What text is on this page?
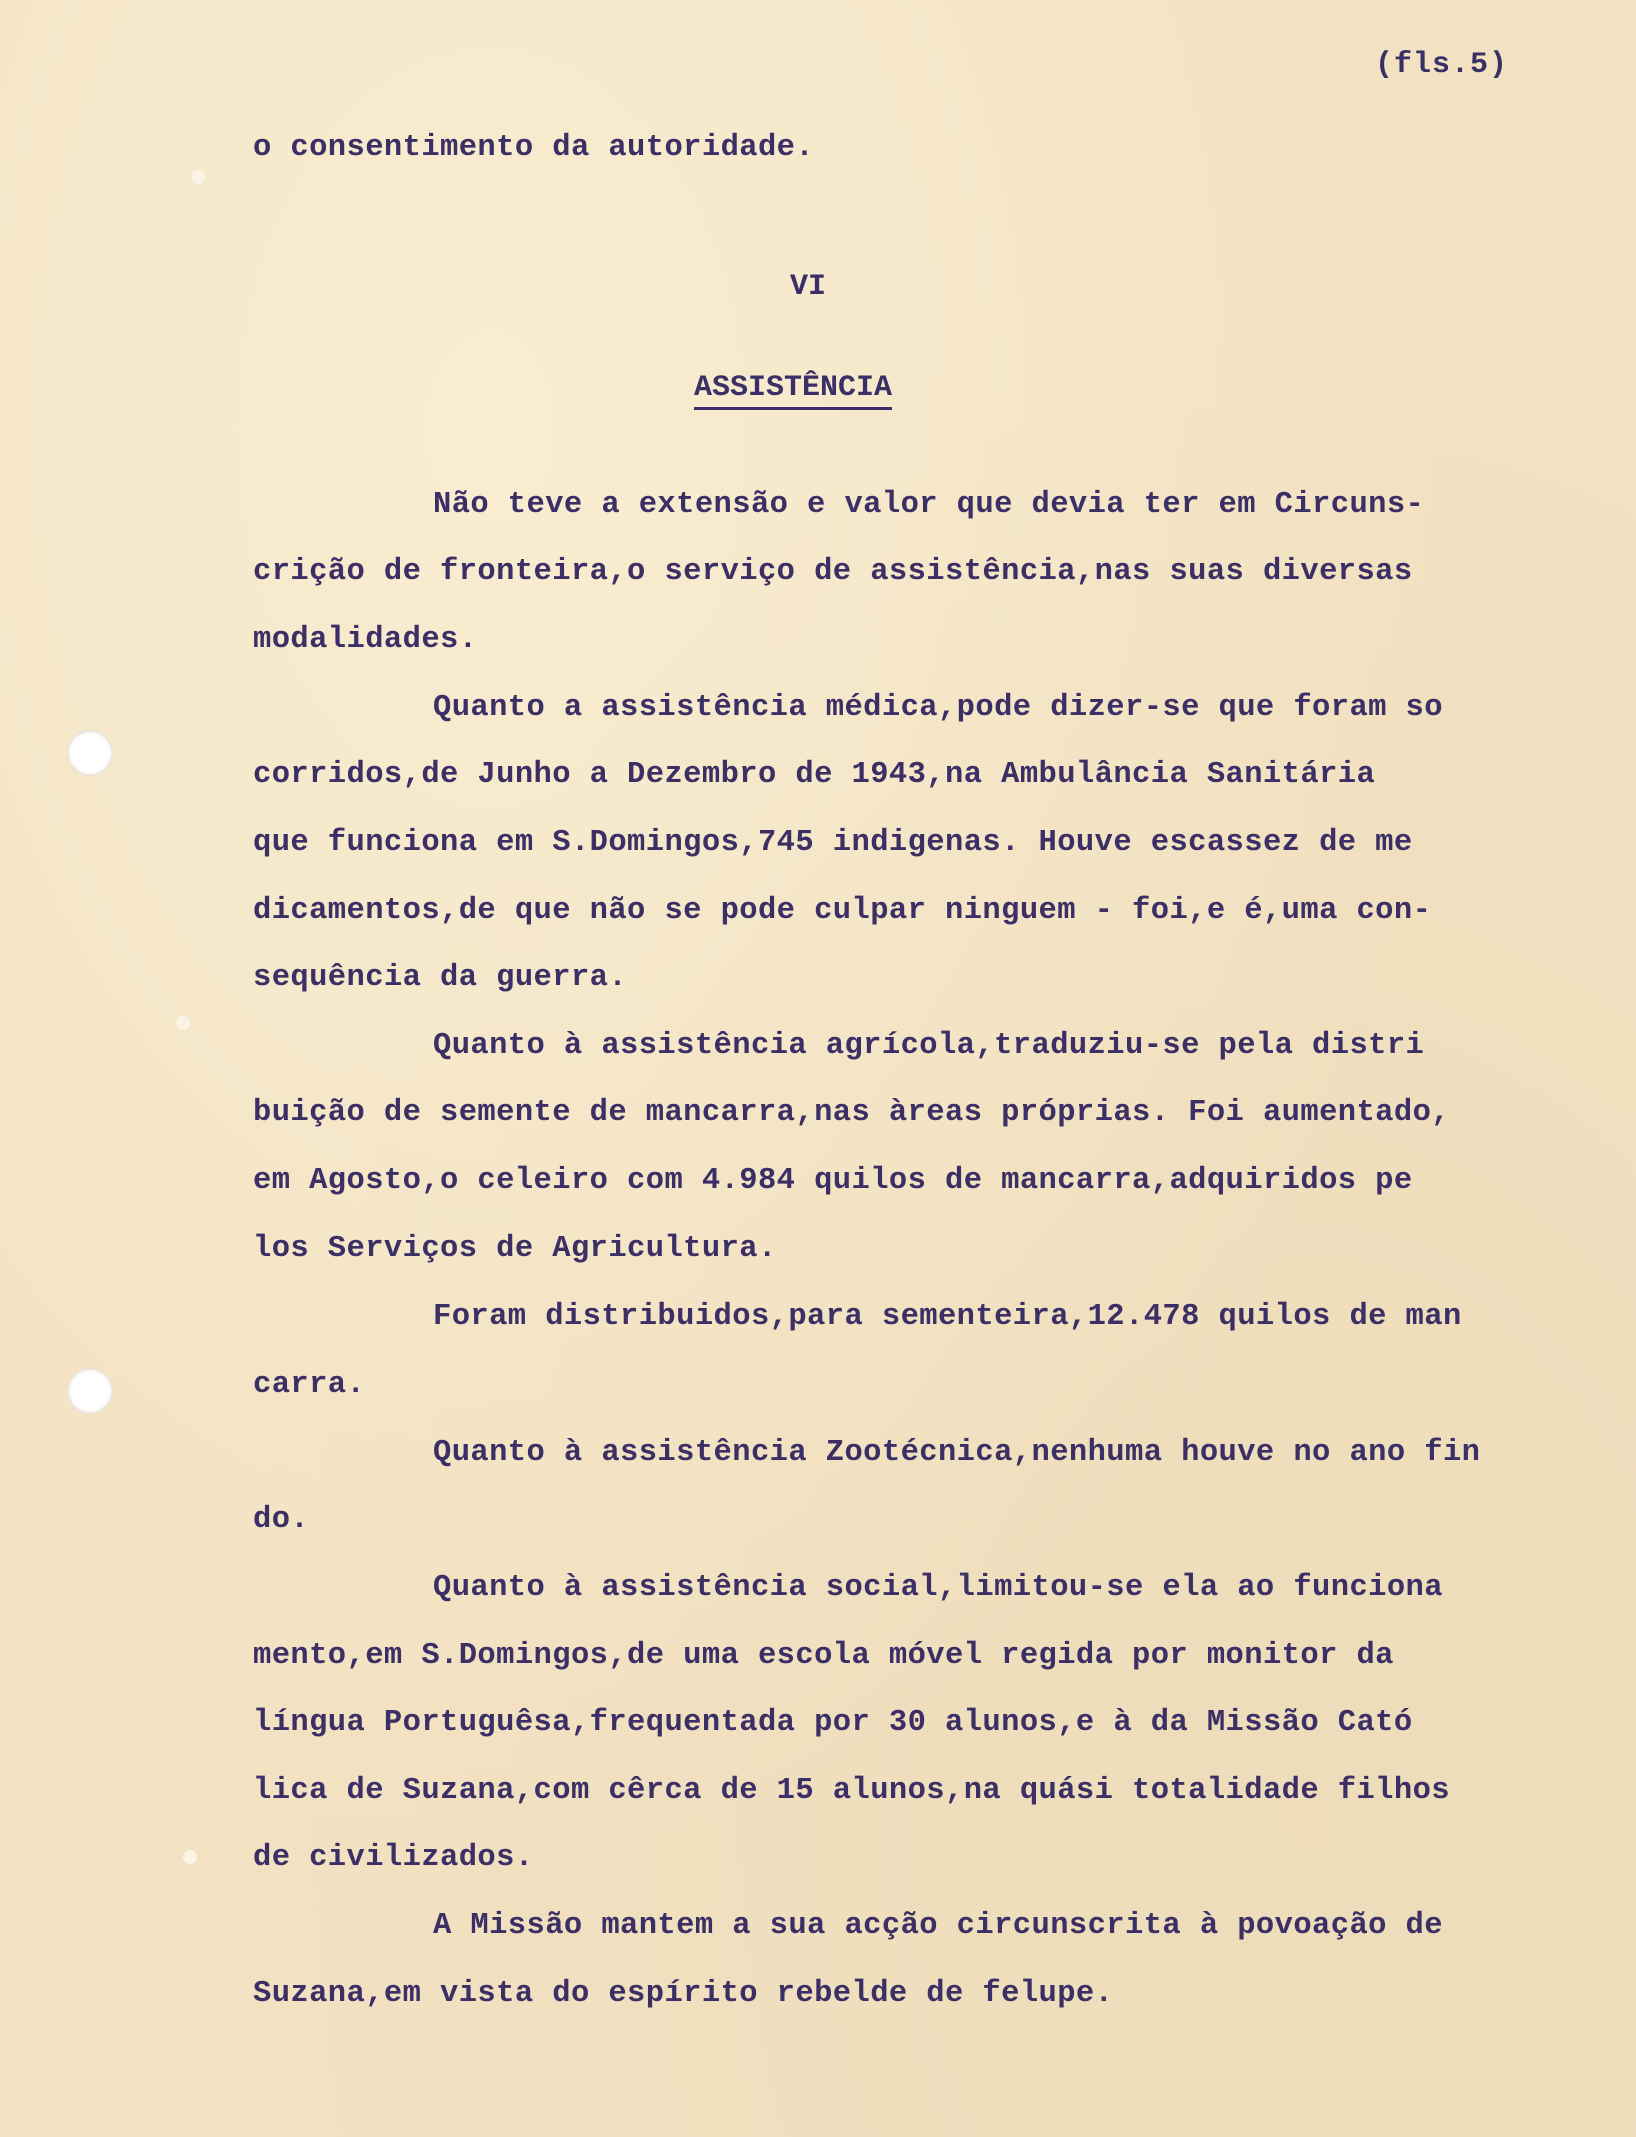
(fls.5)
o consentimento da autoridade.
VI
ASSISTÊNCIA
Não teve a extensão e valor que devia ter em Circuns-
crição de fronteira,o serviço de assistência,nas suas diversas
modalidades.
Quanto a assistência médica,pode dizer-se que foram so
corridos,de Junho a Dezembro de 1943,na Ambulância Sanitária
que funciona em S.Domingos,745 indigenas. Houve escassez de me
dicamentos,de que não se pode culpar ninguem - foi,e é,uma con-
sequência da guerra.
Quanto à assistência agrícola,traduziu-se pela distri
buição de semente de mancarra,nas àreas próprias. Foi aumentado,
em Agosto,o celeiro com 4.984 quilos de mancarra,adquiridos pe
los Serviços de Agricultura.
Foram distribuidos,para sementeira,12.478 quilos de man
carra.
Quanto à assistência Zootécnica,nenhuma houve no ano fin
do.
Quanto à assistência social,limitou-se ela ao funciona
mento,em S.Domingos,de uma escola móvel regida por monitor da
língua Portuguêsa,frequentada por 30 alunos,e à da Missão Cató
lica de Suzana,com cêrca de 15 alunos,na quási totalidade filhos
de civilizados.
A Missão mantem a sua acção circunscrita à povoação de
Suzana,em vista do espírito rebelde de felupe.
